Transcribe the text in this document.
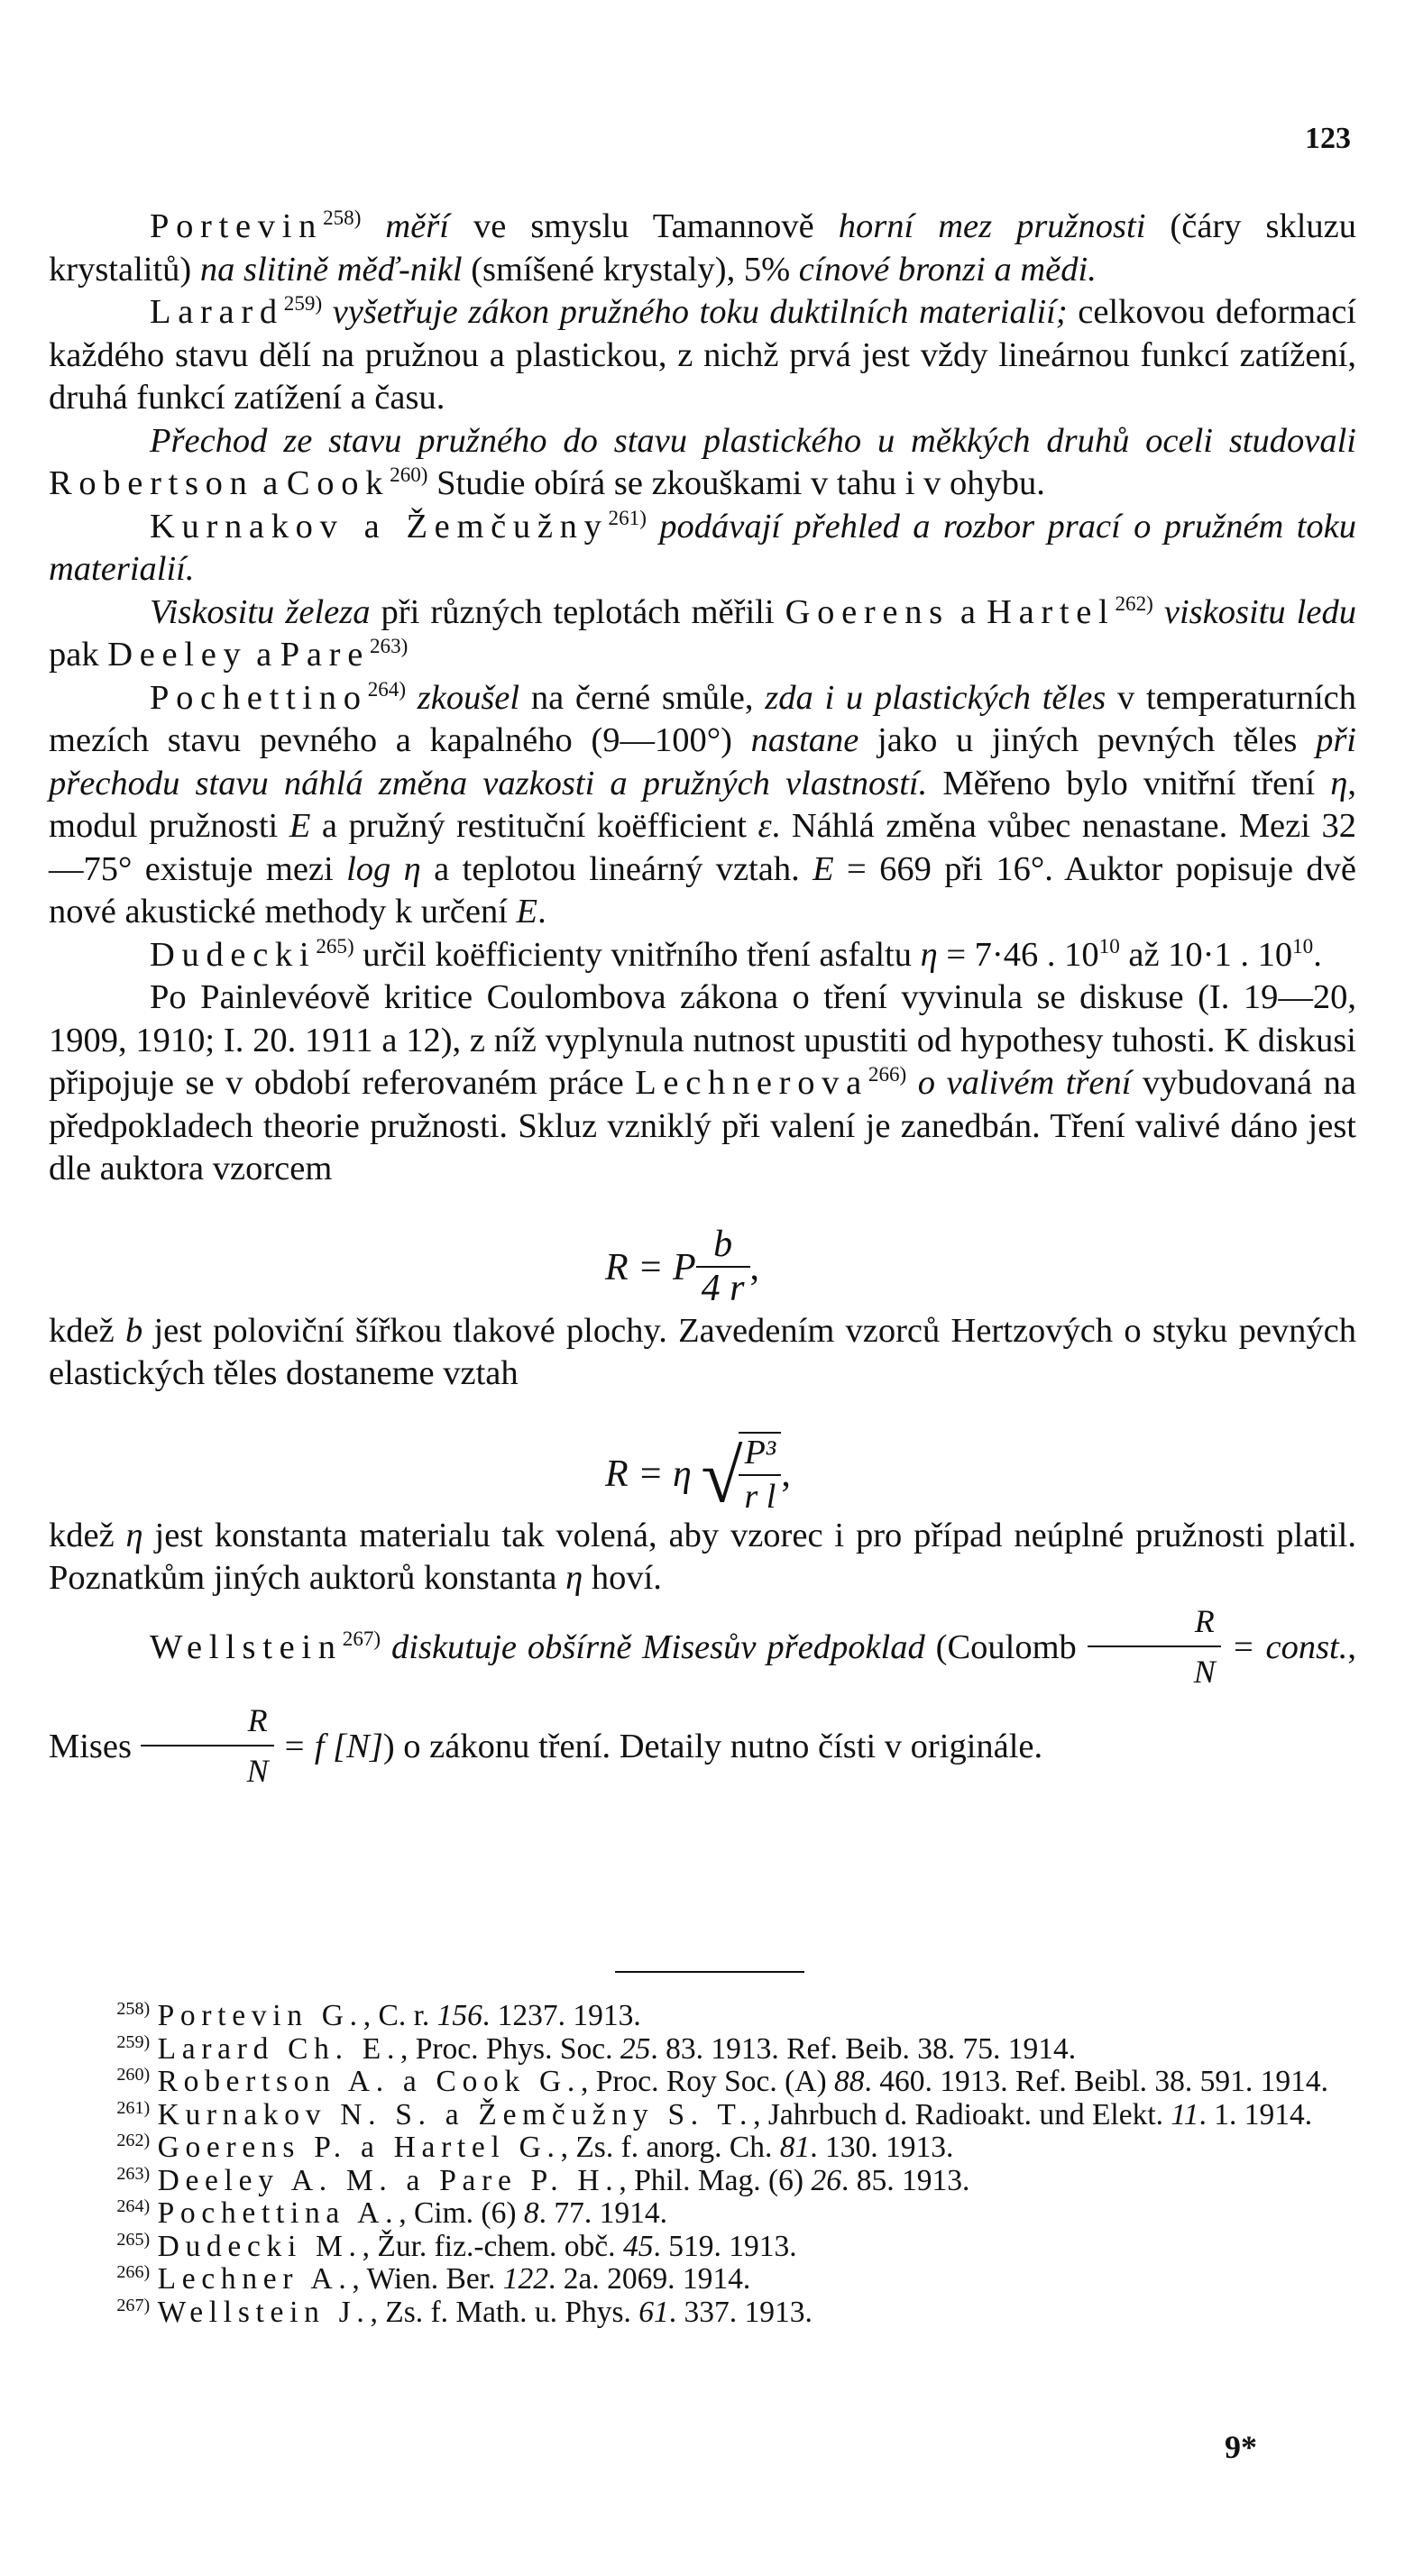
123

Portevin$^{258)}$ měří ve smyslu Tamannově horní mez pružnosti (čáry skluzu krystalitů) na slitině měď-nikl (smíšené krystaly), 5% cínové bronzi a mědi.

Larard$^{259)}$ vyšetřuje zákon pružného toku duktilních materialií; celkovou deformací každého stavu dělí na pružnou a plastickou, z nichž prvá jest vždy lineárnou funkcí zatížení, druhá funkcí zatížení a času.

Přechod ze stavu pružného do stavu plastického u měkkých druhů oceli studovali Robertson a Cook$^{260)}$ Studie obírá se zkouškami v tahu i v ohybu.

Kurnakov a Žemčužny$^{261)}$ podávají přehled a rozbor prací o pružném toku materialií.

Viskositu železa při různých teplotách měřili Goerens a Hartel$^{262)}$ viskositu ledu pak Deeley a Pare$^{263)}$

Pochettino$^{264)}$ zkoušel na černé smůle, zda i u plastických těles v temperaturních mezích stavu pevného a kapalného (9—100°) nastane jako u jiných pevných těles při přechodu stavu náhlá změna vazkosti a pružných vlastností. Měřeno bylo vnitřní tření η, modul pružnosti E a pružný restituční koëfficient ε. Náhlá změna vůbec nenastane. Mezi 32—75° existuje mezi log η a teplotou lineárný vztah. E = 669 při 16°. Auktor popisuje dvě nové akustické methody k určení E.

Dudecki$^{265)}$ určil koëfficienty vnitřního tření asfaltu η = 7·46 . $10^{10}$ až 10·1 . $10^{10}$.

Po Painlevéově kritice Coulombova zákona o tření vyvinula se diskuse (I. 19—20, 1909, 1910; I. 20. 1911 a 12), z níž vyplynula nutnost upustiti od hypothesy tuhosti. K diskusi připojuje se v období referovaném práce Lechnerova$^{266)}$ o valivém tření vybudovaná na předpokladech theorie pružnosti. Skluz vzniklý při valení je zanedbán. Tření valivé dáno jest dle auktora vzorcem

R = P $\frac{b}{4 r}$ ,

kdež b jest poloviční šířkou tlakové plochy. Zavedením vzorců Hertzových o styku pevných elastických těles dostaneme vztah

R = η √
$\frac{\text{P³}}{\text{r l}}$ ,

kdež η jest konstanta materialu tak volená, aby vzorec i pro případ neúplné pružnosti platil. Poznatkům jiných auktorů konstanta η hoví.

Wellstein$^{267)}$ diskutuje obšírně Misesův předpoklad (Coulomb $\frac{R}{N}$ = const., Mises $\frac{R}{N} = f$ [N]) o zákonu tření. Detaily nutno čísti v originále.

$^{258)}$ Portevin G., C. r. 156. 1237. 1913.

$^{259)}$ Larard Ch. E., Proc. Phys. Soc. 25. 83. 1913. Ref. Beib. 38. 75. 1914.

$^{260)}$ Robertson A. a Cook G., Proc. Roy Soc. (A) 88. 460. 1913. Ref. Beibl. 38. 591. 1914.

$^{261)}$ Kurnakov N. S. a Žemčužny S. T., Jahrbuch d. Radioakt. und Elekt. 11. 1. 1914.

$^{262)}$ Goerens P. a Hartel G., Zs. f. anorg. Ch. 81. 130. 1913.

$^{263)}$ Deeley A. M. a Pare P. H., Phil. Mag. (6) 26. 85. 1913.

$^{264)}$ Pochettina A., Cim. (6) 8. 77. 1914.

$^{265)}$ Dudecki M., Žur. fiz.-chem. obč. 45. 519. 1913.

$^{266)}$ Lechner A., Wien. Ber. 122. 2a. 2069. 1914.

$^{267)}$ Wellstein J., Zs. f. Math. u. Phys. 61. 337. 1913.

9*
